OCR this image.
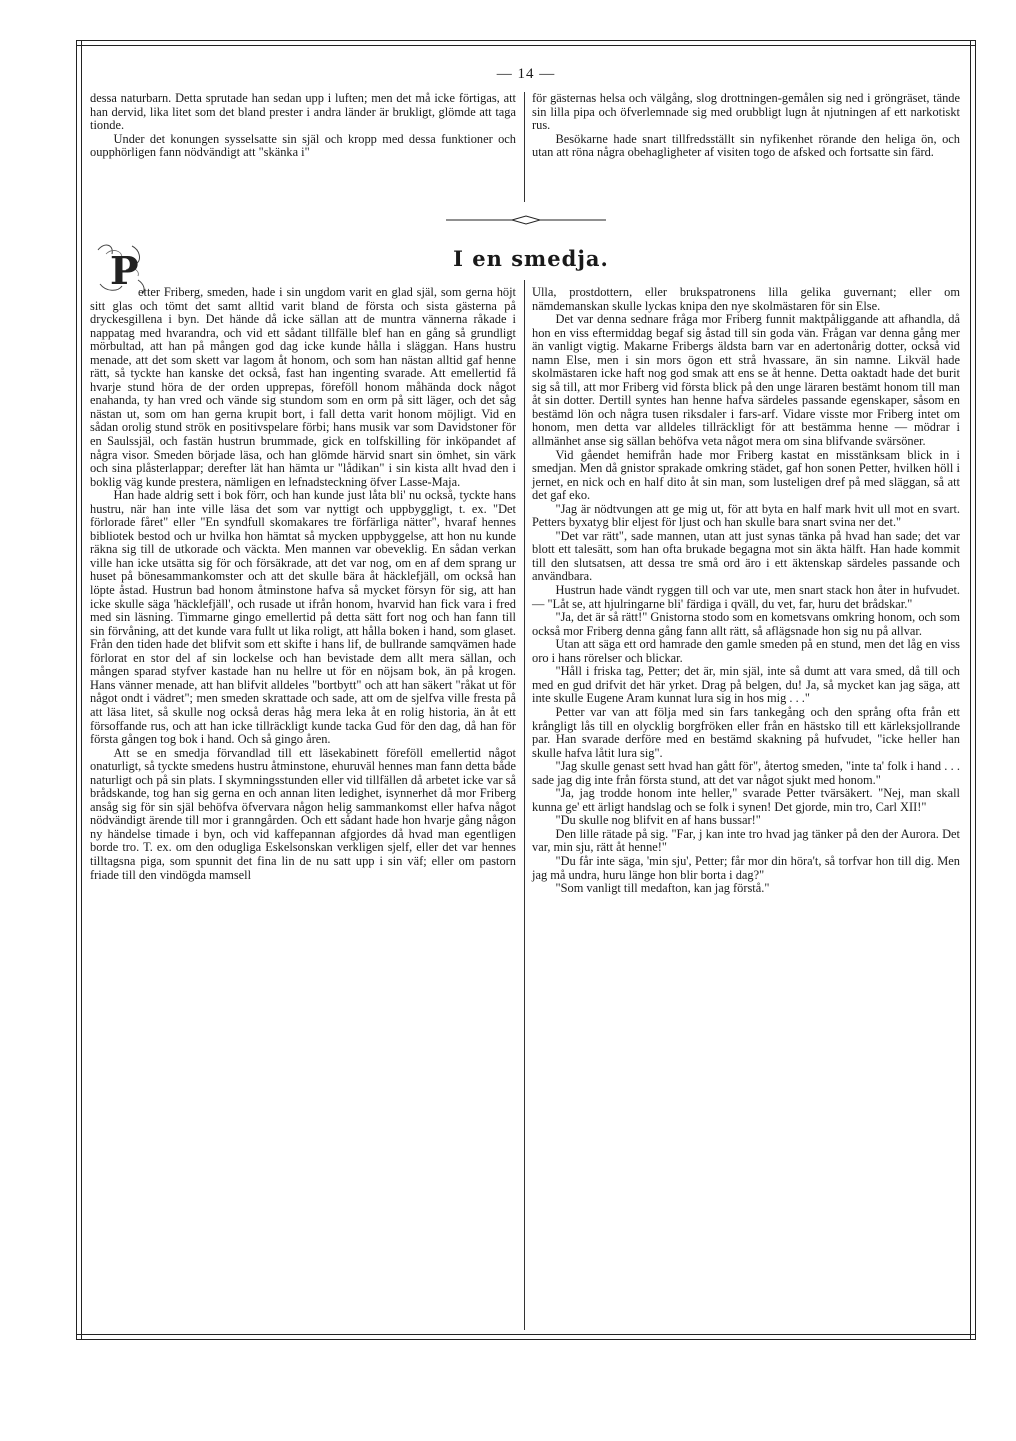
— 14 —

dessa naturbarn. Detta sprutade han sedan upp i luften; men det må icke förtigas, att han dervid, lika litet som det bland prester i andra länder är brukligt, glömde att taga tionde.

Under det konungen sysselsatte sin själ och kropp med dessa funktioner och oupphörligen fann nödvändigt att "skänka i"

för gästernas helsa och välgång, slog drottningen-gemålen sig ned i gröngräset, tände sin lilla pipa och öfverlemnade sig med orubbligt lugn åt njutningen af ett narkotiskt rus.

Besökarne hade snart tillfredsställt sin nyfikenhet rörande den heliga ön, och utan att röna några obehagligheter af visiten togo de afsked och fortsatte sin färd.

I en smedja.
P etter Friberg, smeden, hade i sin ungdom varit en glad själ, som gerna höjt sitt glas och tömt det samt alltid varit bland de första och sista gästerna på dryckesgillena i byn. Det hände då icke sällan att de muntra vännerna råkade i nappatag med hvarandra, och vid ett sådant tillfälle blef han en gång så grundligt mörbultad, att han på mången god dag icke kunde hålla i släggan. Hans hustru menade, att det som skett var lagom åt honom, och som han nästan alltid gaf henne rätt, så tyckte han kanske det också, fast han ingenting svarade. Att emellertid få hvarje stund höra de der orden upprepas, föreföll honom måhända dock något enahanda, ty han vred och vände sig stundom som en orm på sitt läger, och det såg nästan ut, som om han gerna krupit bort, i fall detta varit honom möjligt. Vid en sådan orolig stund strök en positivspelare förbi; hans musik var som Davidstoner för en Saulssjäl, och fastän hustrun brummade, gick en tolfskilling för inköpandet af några visor. Smeden började läsa, och han glömde härvid snart sin ömhet, sin värk och sina plåsterlappar; derefter lät han hämta ur "lådikan" i sin kista allt hvad den i boklig väg kunde prestera, nämligen en lefnadsteckning öfver Lasse-Maja.

Han hade aldrig sett i bok förr, och han kunde just låta bli' nu också, tyckte hans hustru, när han inte ville läsa det som var nyttigt och uppbyggligt, t. ex. "Det förlorade fåret" eller "En syndfull skomakares tre förfärliga nätter", hvaraf hennes bibliotek bestod och ur hvilka hon hämtat så mycken uppbyggelse, att hon nu kunde räkna sig till de utkorade och väckta. Men mannen var obeveklig. En sådan verkan ville han icke utsätta sig för och försäkrade, att det var nog, om en af dem sprang ur huset på bönesammankomster och att det skulle bära åt häcklefjäll, om också han löpte åstad. Hustrun bad honom åtminstone hafva så mycket försyn för sig, att han icke skulle säga 'häcklefjäll', och rusade ut ifrån honom, hvarvid han fick vara i fred med sin läsning. Timmarne gingo emellertid på detta sätt fort nog och han fann till sin förvåning, att det kunde vara fullt ut lika roligt, att hålla boken i hand, som glaset. Från den tiden hade det blifvit som ett skifte i hans lif, de bullrande samqvämen hade förlorat en stor del af sin lockelse och han bevistade dem allt mera sällan, och mången sparad styfver kastade han nu hellre ut för en nöjsam bok, än på krogen. Hans vänner menade, att han blifvit alldeles "bortbytt" och att han säkert "råkat ut för något ondt i vädret"; men smeden skrattade och sade, att om de sjelfva ville fresta på att läsa litet, så skulle nog också deras håg mera leka åt en rolig historia, än åt ett försoffande rus, och att han icke tillräckligt kunde tacka Gud för den dag, då han för första gången tog bok i hand. Och så gingo åren.

Att se en smedja förvandlad till ett läsekabinett föreföll emellertid något onaturligt, så tyckte smedens hustru åtminstone, ehuruväl hennes man fann detta både naturligt och på sin plats. I skymningsstunden eller vid tillfällen då arbetet icke var så brådskande, tog han sig gerna en och annan liten ledighet, isynnerhet då mor Friberg ansåg sig för sin själ behöfva öfvervara någon helig sammankomst eller hafva något nödvändigt ärende till mor i granngården. Och ett sådant hade hon hvarje gång någon ny händelse timade i byn, och vid kaffepannan afgjordes då hvad man egentligen borde tro. T. ex. om den odugliga Eskelsonskan verkligen sjelf, eller det var hennes tilltagsna piga, som spunnit det fina lin de nu satt upp i sin väf; eller om pastorn friade till den vindögda mamsell

Ulla, prostdottern, eller brukspatronens lilla gelika guvernant; eller om nämdemanskan skulle lyckas knipa den nye skolmästaren för sin Else.

Det var denna sednare fråga mor Friberg funnit maktpåliggande att afhandla, då hon en viss eftermiddag begaf sig åstad till sin goda vän. Frågan var denna gång mer än vanligt vigtig. Makarne Fribergs äldsta barn var en adertonårig dotter, också vid namn Else, men i sin mors ögon ett strå hvassare, än sin namne. Likväl hade skolmästaren icke haft nog god smak att ens se åt henne. Detta oaktadt hade det burit sig så till, att mor Friberg vid första blick på den unge läraren bestämt honom till man åt sin dotter. Dertill syntes han henne hafva särdeles passande egenskaper, såsom en bestämd lön och några tusen riksdaler i fars-arf. Vidare visste mor Friberg intet om honom, men detta var alldeles tillräckligt för att bestämma henne — mödrar i allmänhet anse sig sällan behöfva veta något mera om sina blifvande svärsöner.

Vid gåendet hemifrån hade mor Friberg kastat en misstänksam blick in i smedjan. Men då gnistor sprakade omkring städet, gaf hon sonen Petter, hvilken höll i jernet, en nick och en half dito åt sin man, som lusteligen dref på med släggan, så att det gaf eko.

"Jag är nödtvungen att ge mig ut, för att byta en half mark hvit ull mot en svart. Petters byxatyg blir eljest för ljust och han skulle bara snart svina ner det."

"Det var rätt", sade mannen, utan att just synas tänka på hvad han sade; det var blott ett talesätt, som han ofta brukade begagna mot sin äkta hälft. Han hade kommit till den slutsatsen, att dessa tre små ord äro i ett äktenskap särdeles passande och användbara.

Hustrun hade vändt ryggen till och var ute, men snart stack hon åter in hufvudet. — "Låt se, att hjulringarne bli' färdiga i qväll, du vet, far, huru det brådskar."

"Ja, det är så rätt!" Gnistorna stodo som en kometsvans omkring honom, och som också mor Friberg denna gång fann allt rätt, så aflägsnade hon sig nu på allvar.

Utan att säga ett ord hamrade den gamle smeden på en stund, men det låg en viss oro i hans rörelser och blickar.

"Håll i friska tag, Petter; det är, min själ, inte så dumt att vara smed, då till och med en gud drifvit det här yrket. Drag på belgen, du! Ja, så mycket kan jag säga, att inte skulle Eugene Aram kunnat lura sig in hos mig . . ."

Petter var van att följa med sin fars tankegång och den språng ofta från ett krångligt lås till en olycklig borgfröken eller från en hästsko till ett kärleksjollrande par. Han svarade derföre med en bestämd skakning på hufvudet, "icke heller han skulle hafva låtit lura sig".

"Jag skulle genast sett hvad han gått för", återtog smeden, "inte ta' folk i hand . . . sade jag dig inte från första stund, att det var något sjukt med honom."

"Ja, jag trodde honom inte heller," svarade Petter tvärsäkert. "Nej, man skall kunna ge' ett ärligt handslag och se folk i synen! Det gjorde, min tro, Carl XII!"

"Du skulle nog blifvit en af hans bussar!"

Den lille rätade på sig. "Far, j kan inte tro hvad jag tänker på den der Aurora. Det var, min sju, rätt åt henne!"

"Du får inte säga, 'min sju', Petter; får mor din höra't, så torfvar hon till dig. Men jag må undra, huru länge hon blir borta i dag?"

"Som vanligt till medafton, kan jag förstå."
